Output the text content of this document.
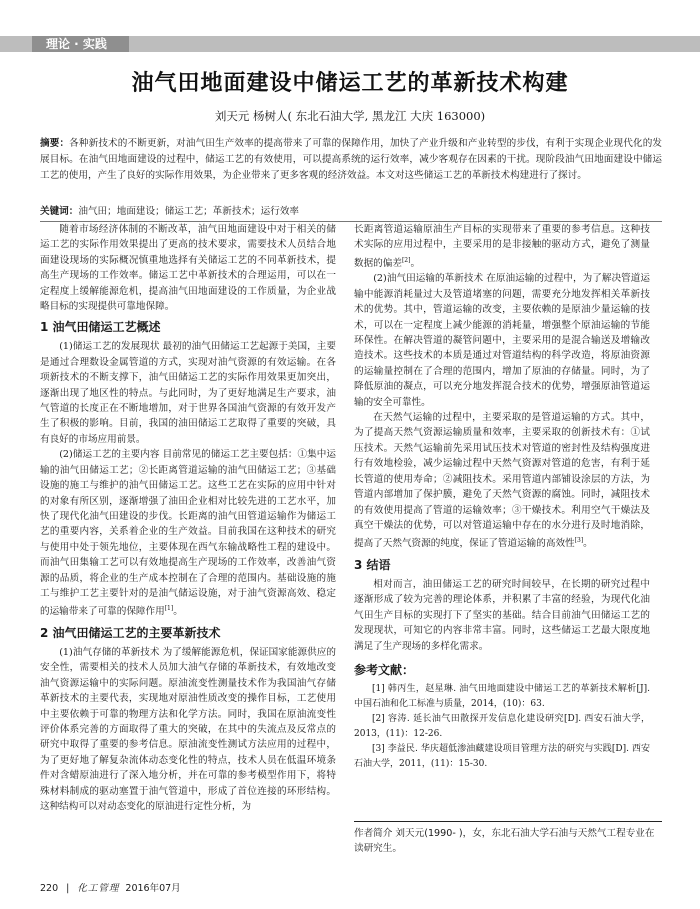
理论 · 实践
油气田地面建设中储运工艺的革新技术构建
刘天元 杨树人( 东北石油大学, 黑龙江 大庆 163000)
摘要：各种新技术的不断更新，对油气田生产效率的提高带来了可靠的保障作用，加快了产业升级和产业转型的步伐，有利于实现企业现代化的发展目标。在油气田地面建设的过程中，储运工艺的有效使用，可以提高系统的运行效率，减少客观存在因素的干扰。现阶段油气田地面建设中储运工艺的使用，产生了良好的实际作用效果，为企业带来了更多客观的经济效益。本文对这些储运工艺的革新技术构建进行了探讨。
关键词：油气田；地面建设；储运工艺；革新技术；运行效率

随着市场经济体制的不断改革，油气田地面建设中对于相关的储运工艺的实际作用效果提出了更高的技术要求，需要技术人员结合地面建设现场的实际概况慎重地选择有关储运工艺的不同革新技术，提高生产现场的工作效率。储运工艺中革新技术的合理运用，可以在一定程度上缓解能源危机，提高油气田地面建设的工作质量，为企业战略目标的实现提供可靠地保障。

1 油气田储运工艺概述

(1)储运工艺的发展现状 最初的油气田储运工艺起源于美国，主要是通过合理数设金属管道的方式，实现对油气资源的有效运输。在各项新技术的不断支撑下，油气田储运工艺的实际作用效果更加突出，逐渐出现了地区性的特点。与此同时，为了更好地满足生产要求，油气管道的长度正在不断地增加，对于世界各国油气资源的有效开发产生了积极的影响。目前，我国的油田储运工艺取得了重要的突破，具有良好的市场应用前景。

(2)储运工艺的主要内容 目前常见的储运工艺主要包括：①集中运输的油气田储运工艺；②长距离管道运输的油气田储运工艺；③基础设施的施工与维护的油气田储运工艺。这些工艺在实际的应用中针对的对象有所区别，逐渐增强了油田企业相对比较先进的工艺水平，加快了现代化油气田建设的步伐。长距离的油气田管道运输作为储运工艺的重要内容，关系着企业的生产效益。目前我国在这种技术的研究与使用中处于领先地位，主要体现在西气东输战略性工程的建设中。而油气田集输工艺可以有效地提高生产现场的工作效率，改善油气资源的品质，将企业的生产成本控制在了合理的范围内。基础设施的施工与维护工艺主要针对的是油气储运设施，对于油气资源高效、稳定的运输带来了可靠的保障作用[1]。

2 油气田储运工艺的主要革新技术

(1)油气存储的革新技术 为了缓解能源危机，保证国家能源供应的安全性，需要相关的技术人员加大油气存储的革新技术，有效地改变油气资源运输中的实际问题。原油流变性测量技术作为我国油气存储革新技术的主要代表，实现地对原油性质改变的操作目标，工艺使用中主要依赖于可靠的物理方法和化学方法。同时，我国在原油流变性评价体系完善的方面取得了重大的突破，在其中的失流点及反常点的研究中取得了重要的参考信息。原油流变性测试方法应用的过程中，为了更好地了解复杂流体动态变化性的特点，技术人员在低温环境条件对含蜡原油进行了深入地分析，并在可靠的参考模型作用下，将特殊材料制成的驱动塞置于油气管道中，形成了首位连接的环形结构。这种结构可以对动态变化的原油进行定性分析，为

长距离管道运输原油生产目标的实现带来了重要的参考信息。这种技术实际的应用过程中，主要采用的是非接触的驱动方式，避免了测量数据的偏差[2]。

(2)油气田运输的革新技术 在原油运输的过程中，为了解决管道运输中能源消耗量过大及管道堵塞的问题，需要充分地发挥相关革新技术的优势。其中，管道运输的改变，主要依赖的是原油少量运输的技术，可以在一定程度上减少能源的消耗量，增强整个原油运输的节能环保性。在解决管道的凝管问题中，主要采用的是混合输送及增输改造技术。这些技术的本质是通过对管道结构的科学改造，将原油资源的运输量控制在了合理的范围内，增加了原油的存储量。同时，为了降低原油的凝点，可以充分地发挥混合技术的优势，增强原油管道运输的安全可靠性。

在天然气运输的过程中，主要采取的是管道运输的方式。其中，为了提高天然气资源运输质量和效率，主要采取的创新技术有：①试压技术。天然气运输前先采用试压技术对管道的密封性及结构强度进行有效地检验，减少运输过程中天然气资源对管道的危害，有利于延长管道的使用寿命；②减阻技术。采用管道内部铺设涂层的方法，为管道内部增加了保护膜，避免了天然气资源的腐蚀。同时，减阻技术的有效使用提高了管道的运输效率；③干燥技术。利用空气干燥法及真空干燥法的优势，可以对管道运输中存在的水分进行及时地消除，提高了天然气资源的纯度，保证了管道运输的高效性[3]。

3 结语

相对而言，油田储运工艺的研究时间较早，在长期的研究过程中逐渐形成了较为完善的理论体系，并积累了丰富的经验，为现代化油气田生产目标的实现打下了坚实的基础。结合目前油气田储运工艺的发现现状，可知它的内容非常丰富。同时，这些储运工艺最大限度地满足了生产现场的多样化需求。

参考文献：

[1] 韩丙生，赵星琳. 油气田地面建设中储运工艺的革新技术解析[J]. 中国石油和化工标准与质量，2014，(10)：63.

[2] 容涛. 延长油气田散探开发信息化建设研究[D]. 西安石油大学，2013，(11)：12-26.

[3] 李益民. 华庆超低渗油藏建设项目管理方法的研究与实践[D]. 西安石油大学，2011，(11)：15-30.

作者简介 刘天元(1990- )，女，东北石油大学石油与天然气工程专业在读研究生。
220 | 化工管理 2016年07月
